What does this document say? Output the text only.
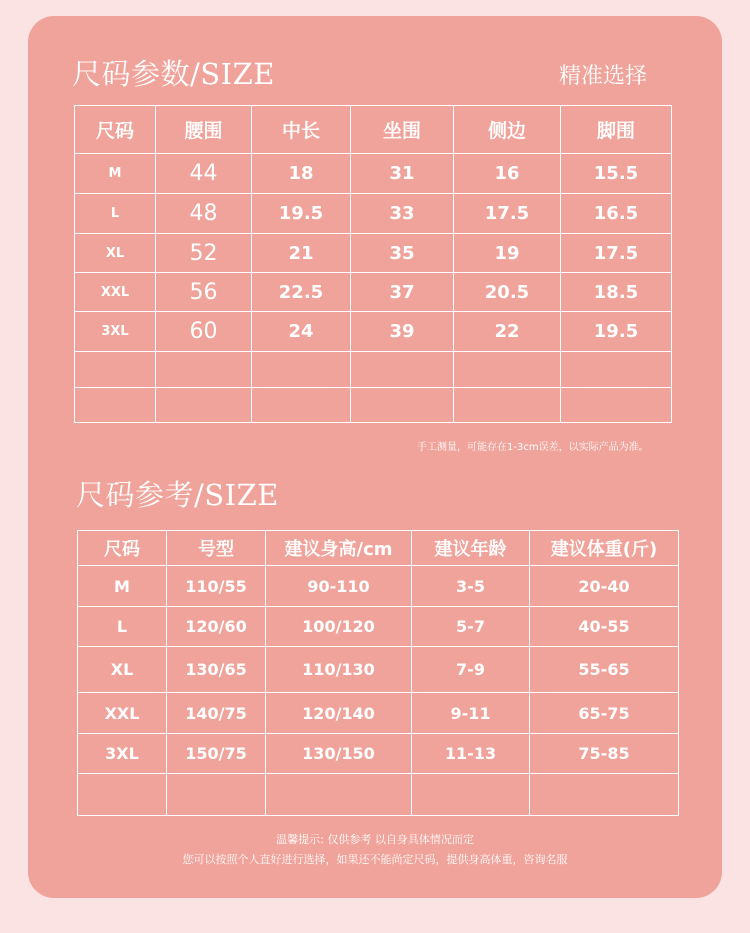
尺码参数/SIZE	精准选择
尺码	腰围	中长	坐围	侧边	脚围
M	44	18	31	16	15.5
L	48	19.5	33	17.5	16.5
XL	52	21	35	19	17.5
XXL	56	22.5	37	20.5	18.5
3XL	60	24	39	22	19.5

手工测量，可能存在1-3cm误差，以实际产品为准。
尺码参考/SIZE
尺码	号型	建议身高/cm	建议年龄	建议体重(斤)
M	110/55	90-110	3-5	20-40
L	120/60	100/120	5-7	40-55
XL	130/65	110/130	7-9	55-65
XXL	140/75	120/140	9-11	65-75
3XL	150/75	130/150	11-13	75-85

温馨提示: 仅供参考 以自身具体情况而定
您可以按照个人直好进行选择，如果还不能尚定尺码，提供身高体重，咨询名服
